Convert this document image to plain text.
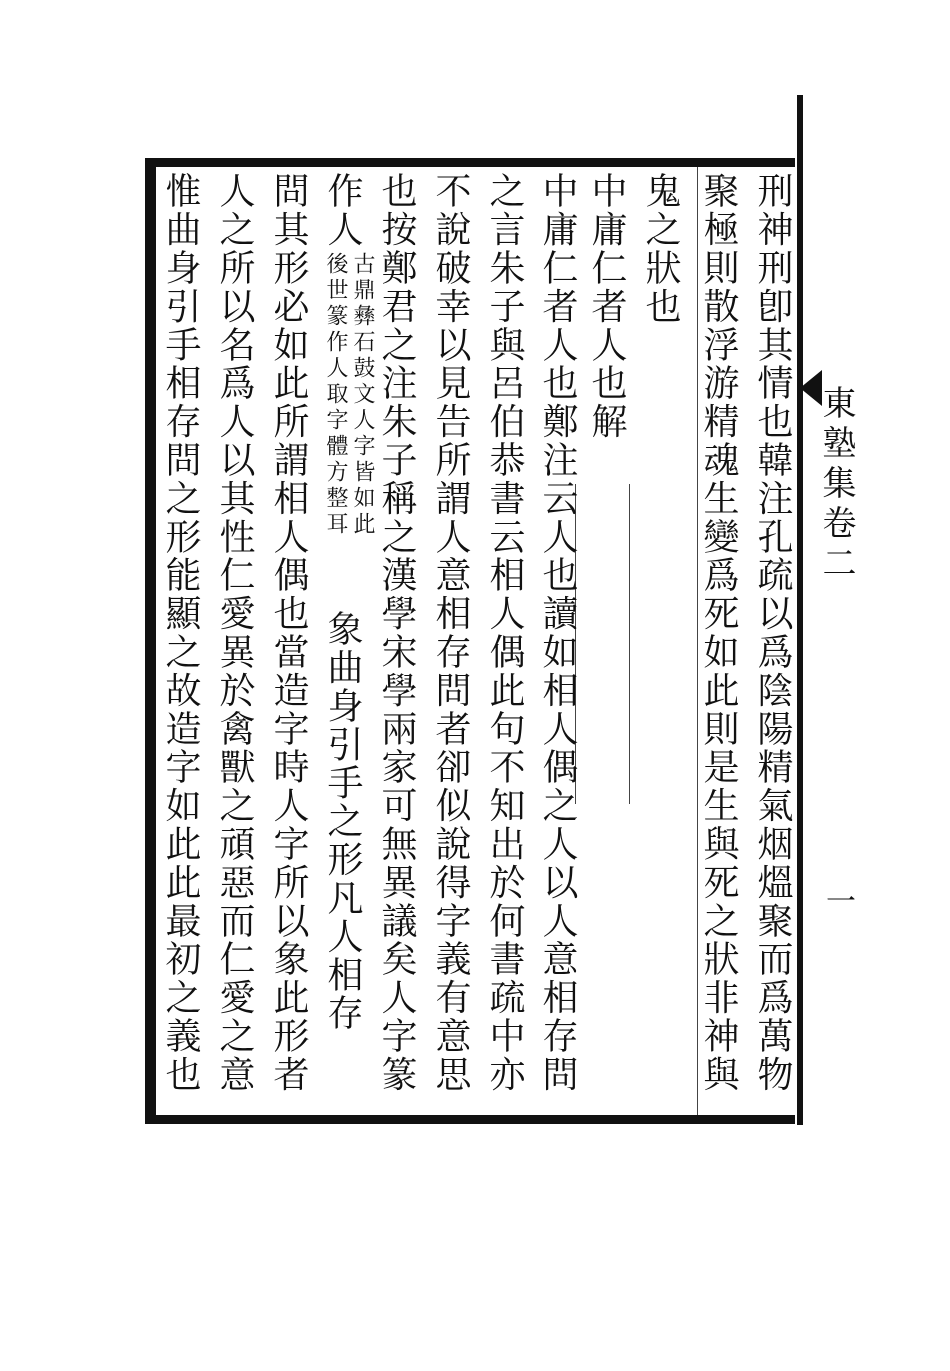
東塾集卷二
一
刑神刑卽其情也韓注孔疏以爲陰陽精氣烟熅聚而爲萬物
聚極則散浮游精魂生變爲死如此則是生與死之狀非神與
鬼之狀也
中庸仁者人也解
中庸仁者人也鄭注云人也讀如相人偶之人以人意相存問
之言朱子與呂伯恭書云相人偶此句不知出於何書疏中亦
不說破幸以見告所謂人意相存問者卻似說得字義有意思
也按鄭君之注朱子稱之漢學宋學兩家可無異議矣人字篆
作人
古鼎彝石鼓文人字皆如此
後世篆作人取字體方整耳
象曲身引手之形凡人相存
問其形必如此所謂相人偶也當造字時人字所以象此形者
人之所以名爲人以其性仁愛異於禽獸之頑惡而仁愛之意
惟曲身引手相存問之形能顯之故造字如此此最初之義也
